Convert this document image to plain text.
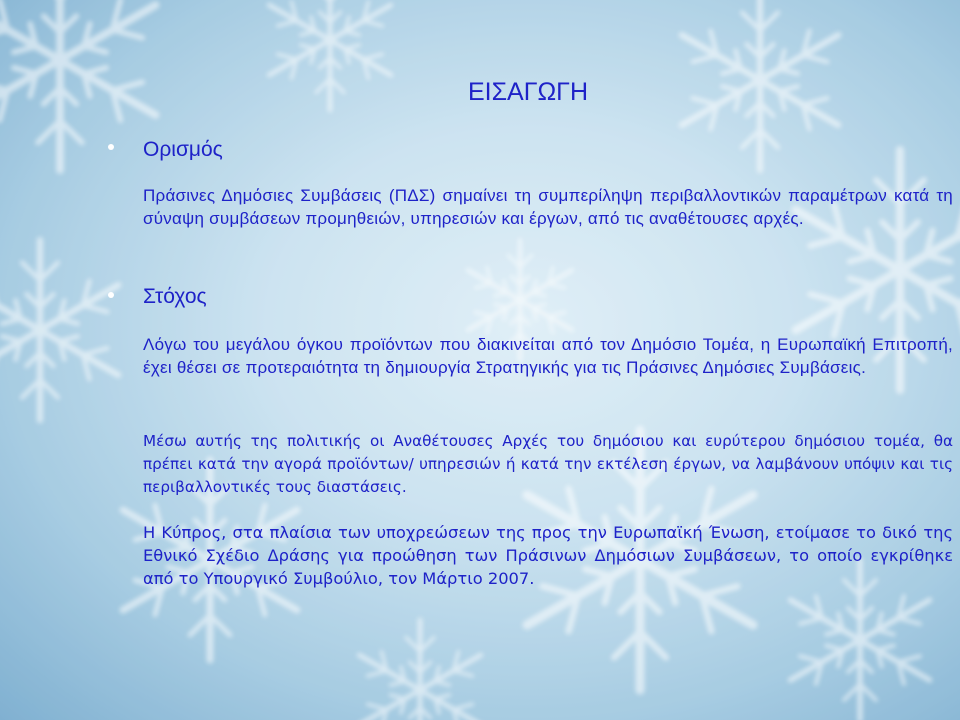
ΕΙΣΑΓΩΓΗ
Ορισμός
Πράσινες Δημόσιες Συμβάσεις (ΠΔΣ) σημαίνει τη συμπερίληψη περιβαλλοντικών παραμέτρων κατά τη σύναψη συμβάσεων προμηθειών, υπηρεσιών και έργων, από τις αναθέτουσες αρχές.
Στόχος
Λόγω του μεγάλου όγκου προϊόντων που διακινείται από τον Δημόσιο Τομέα, η Ευρωπαϊκή Επιτροπή, έχει θέσει σε προτεραιότητα τη δημιουργία Στρατηγικής για τις Πράσινες Δημόσιες Συμβάσεις.
Μέσω αυτής της πολιτικής οι Αναθέτουσες Αρχές του δημόσιου και ευρύτερου δημόσιου τομέα, θα πρέπει κατά την αγορά προϊόντων/ υπηρεσιών ή κατά την εκτέλεση έργων, να λαμβάνουν υπόψιν και τις περιβαλλοντικές τους διαστάσεις.
Η Κύπρος, στα πλαίσια των υποχρεώσεων της προς την Ευρωπαϊκή Ένωση, ετοίμασε το δικό της Εθνικό Σχέδιο Δράσης για προώθηση των Πράσινων Δημόσιων Συμβάσεων, το οποίο εγκρίθηκε από το Υπουργικό Συμβούλιο, τον Μάρτιο 2007.
